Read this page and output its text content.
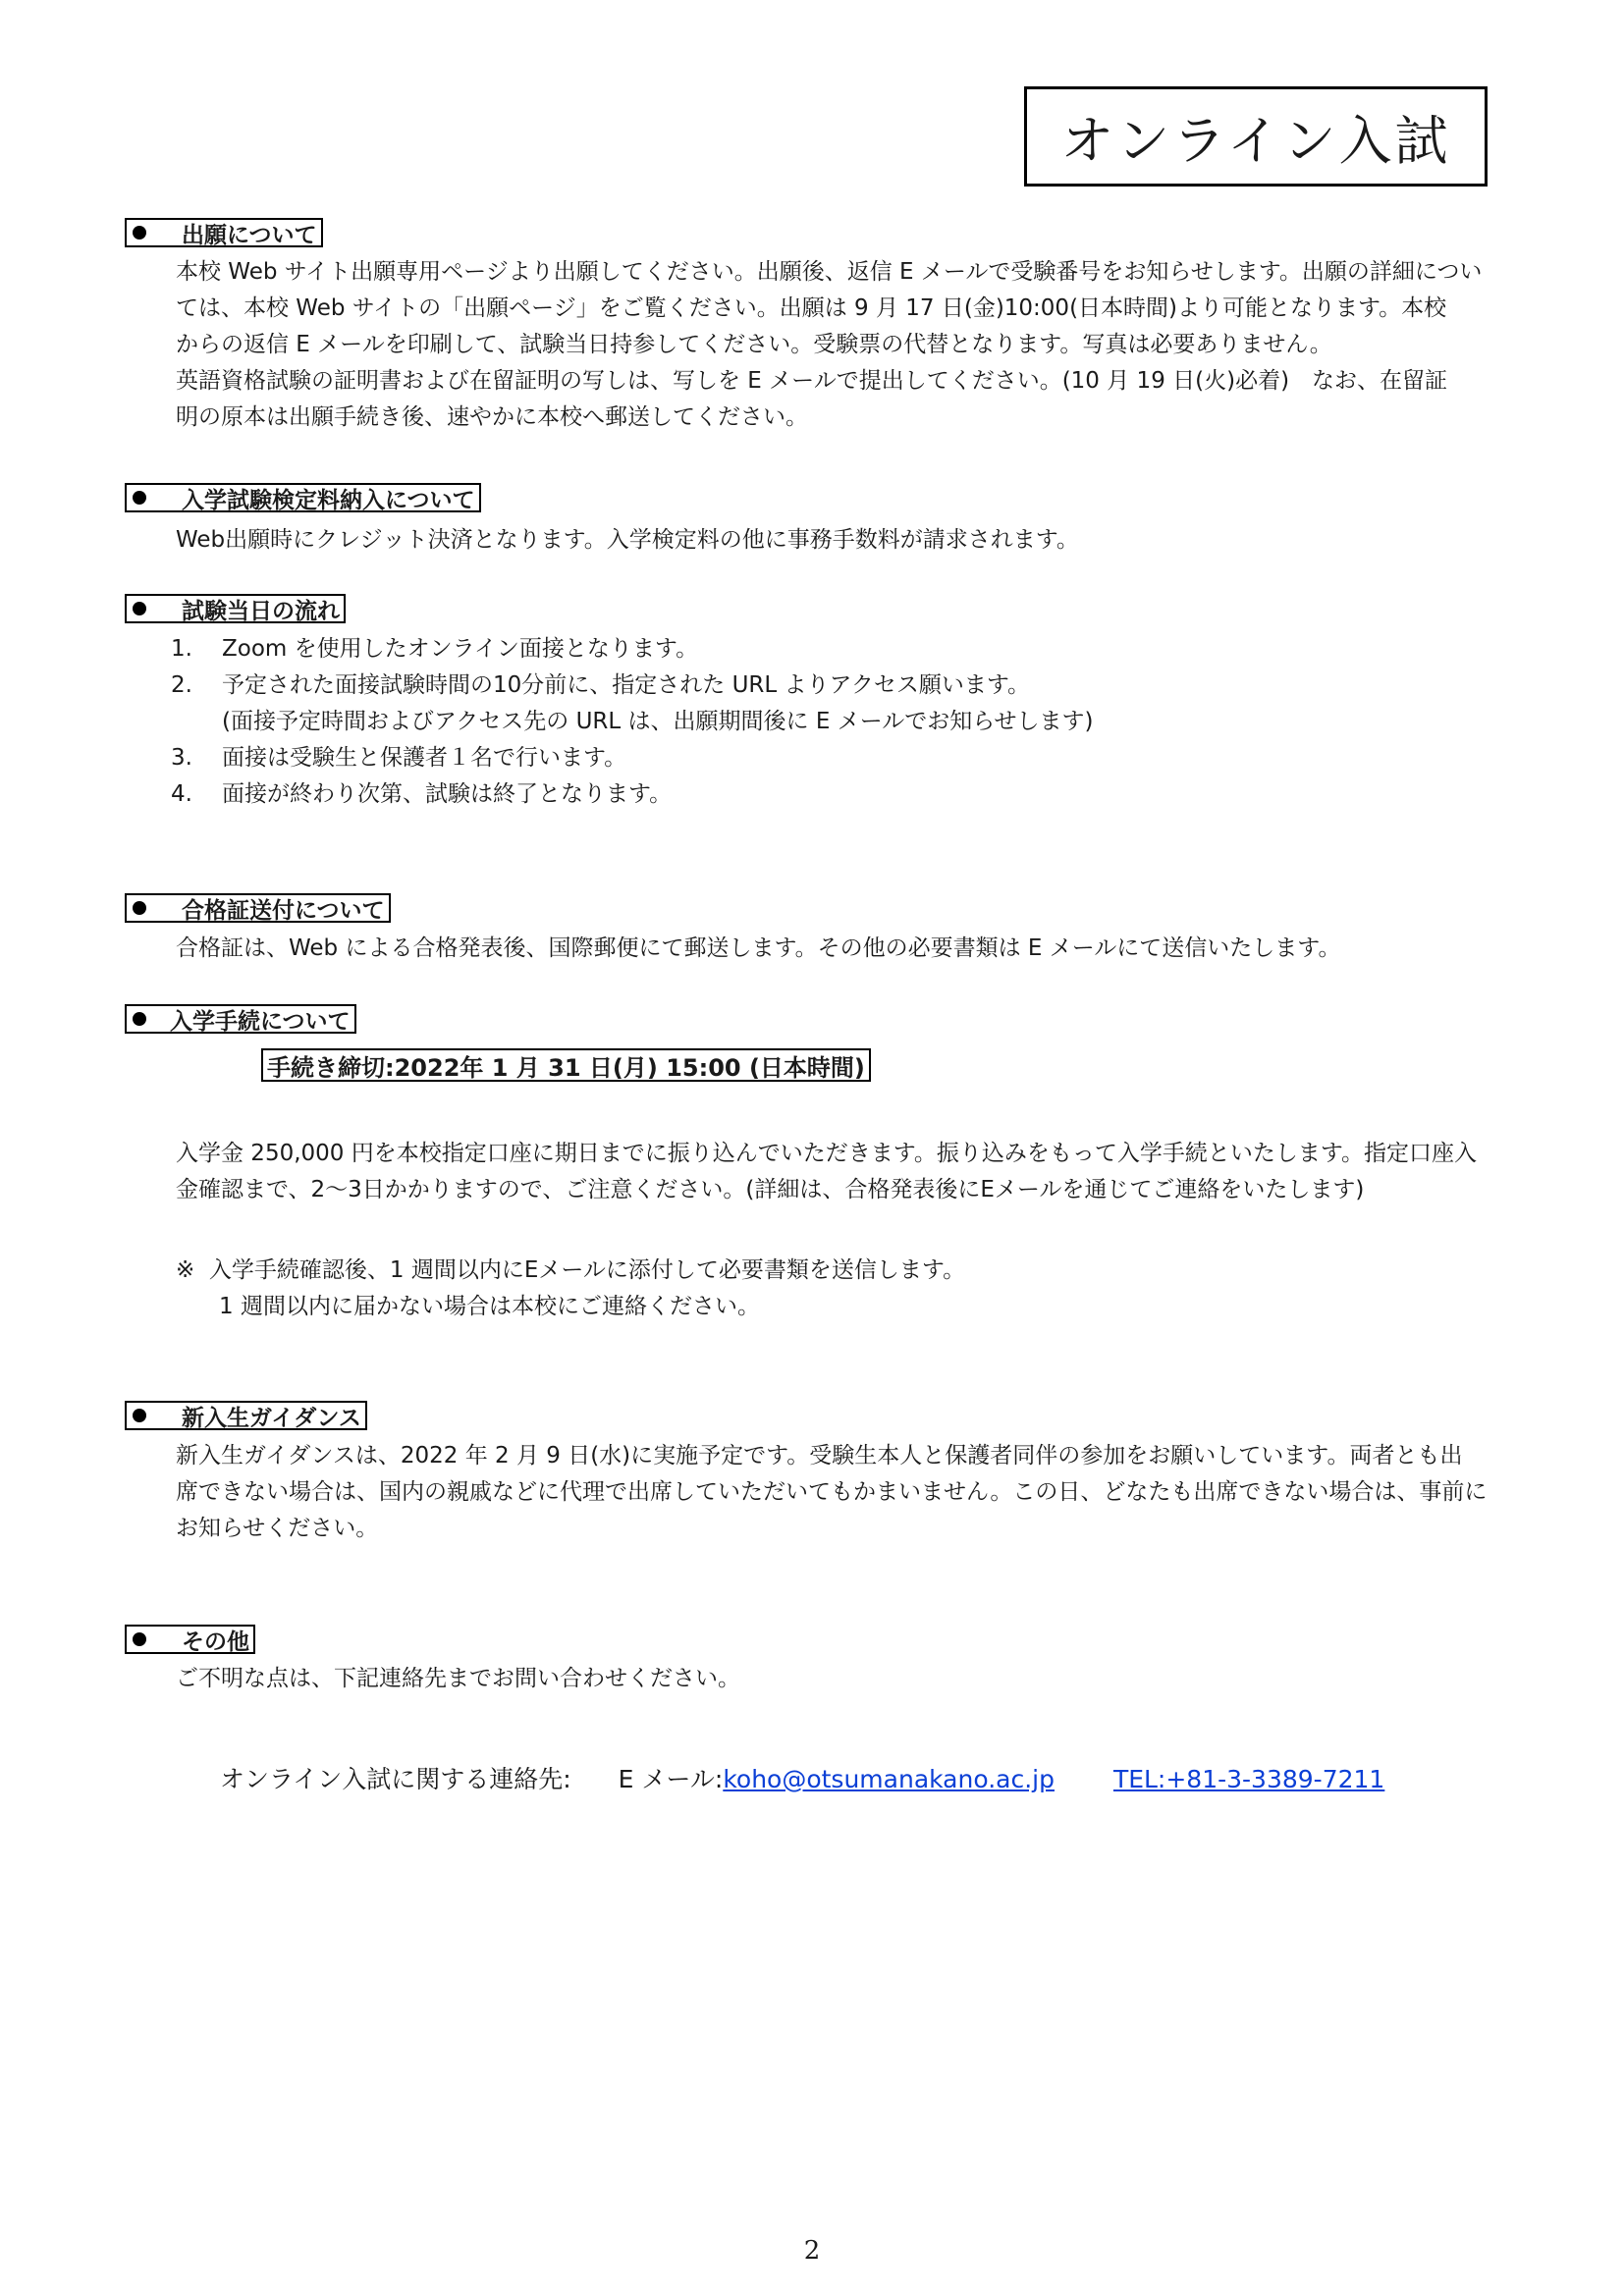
オンライン入試
出願について
本校 Web サイト出願専用ページより出願してください。出願後、返信 E メールで受験番号をお知らせします。出願の詳細につい
ては、本校 Web サイトの「出願ページ」をご覧ください。出願は 9 月 17 日(金)10:00(日本時間)より可能となります。本校
からの返信 E メールを印刷して、試験当日持参してください。受験票の代替となります。写真は必要ありません。
英語資格試験の証明書および在留証明の写しは、写しを E メールで提出してください。(10 月 19 日(火)必着)　なお、在留証
明の原本は出願手続き後、速やかに本校へ郵送してください。
入学試験検定料納入について
Web出願時にクレジット決済となります。入学検定料の他に事務手数料が請求されます。
試験当日の流れ
1. Zoom を使用したオンライン面接となります。
2. 予定された面接試験時間の10分前に、指定された URL よりアクセス願います。
(面接予定時間およびアクセス先の URL は、出願期間後に E メールでお知らせします)
3. 面接は受験生と保護者１名で行います。
4. 面接が終わり次第、試験は終了となります。
合格証送付について
合格証は、Web による合格発表後、国際郵便にて郵送します。その他の必要書類は E メールにて送信いたします。
入学手続について
手続き締切 :2022年 1 月 31 日(月) 15:00 (日本時間)
入学金 250,000 円を本校指定口座に期日までに振り込んでいただきます。振り込みをもって入学手続といたします。指定口座入
金確認まで、2～3日かかりますので、ご注意ください。(詳細は、合格発表後にEメールを通じてご連絡をいたします)
※ 入学手続確認後、1 週間以内にEメールに添付して必要書類を送信します。
1 週間以内に届かない場合は本校にご連絡ください。
新入生ガイダンス
新入生ガイダンスは、2022 年 2 月 9 日(水)に実施予定です。受験生本人と保護者同伴の参加をお願いしています。両者とも出
席できない場合は、国内の親戚などに代理で出席していただいてもかまいません。この日、どなたも出席できない場合は、事前に
お知らせください。
その他
ご不明な点は、下記連絡先までお問い合わせください。
オンライン入試に関する連絡先: E メール:koho@otsumanakano.ac.jp TEL:+81-3-3389-7211
2
